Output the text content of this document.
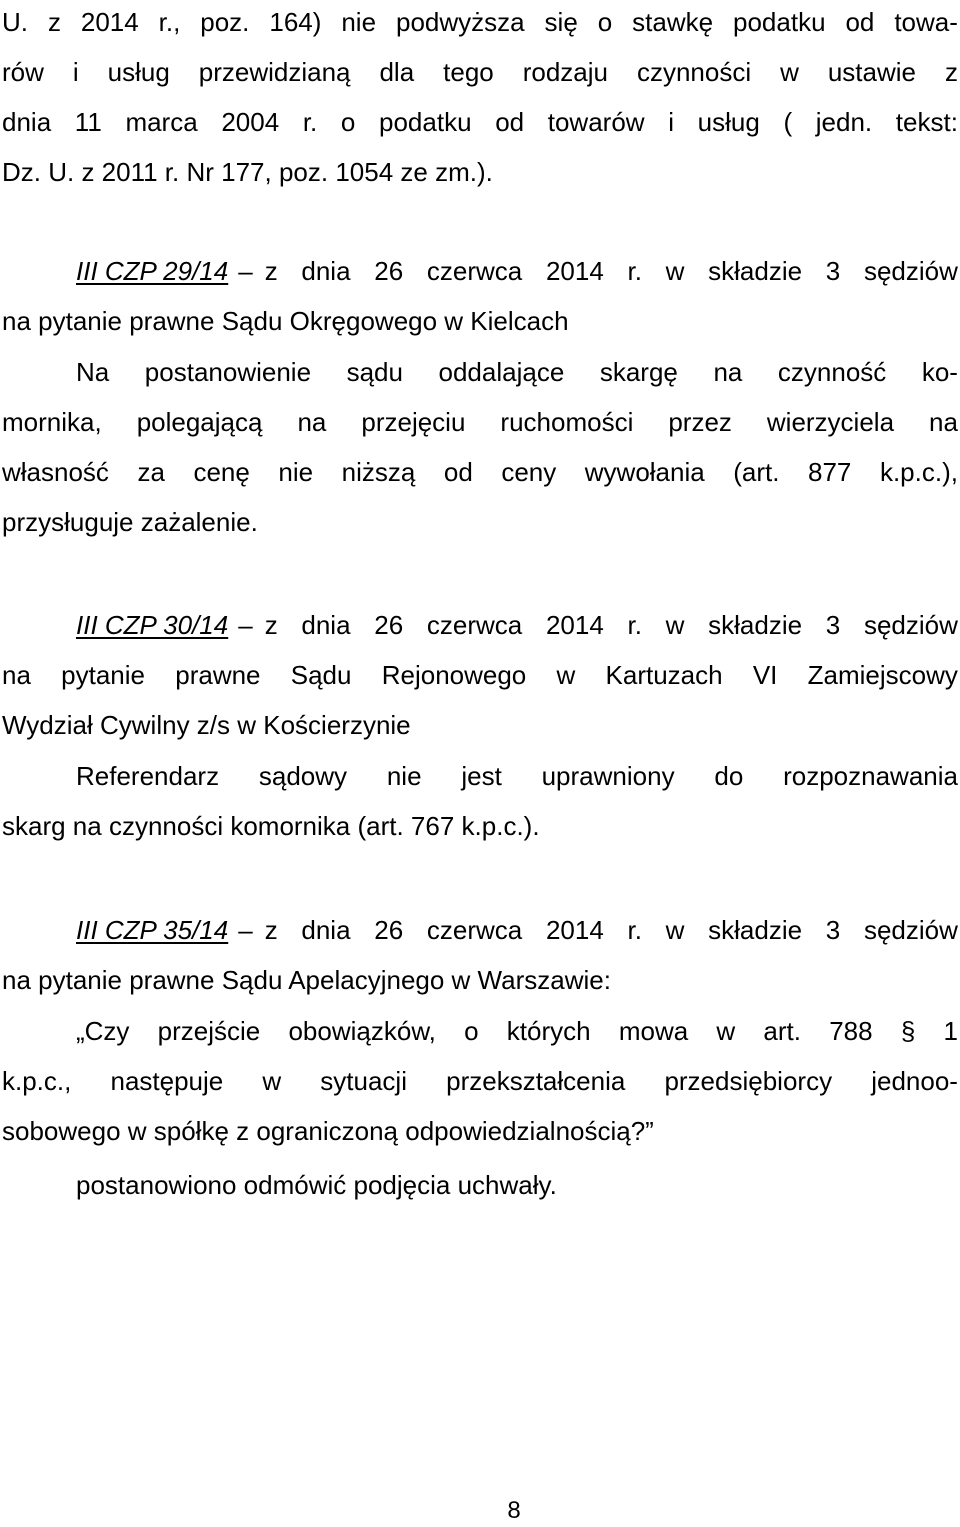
U. z 2014 r., poz. 164) nie podwyższa się o stawkę podatku od towa-
rów i usług przewidzianą dla tego rodzaju czynności w ustawie z
dnia 11 marca 2004 r. o podatku od towarów i usług ( jedn. tekst:
Dz. U. z 2011 r. Nr 177, poz. 1054 ze zm.).
III CZP 29/14 – z dnia 26 czerwca 2014 r. w składzie 3 sędziów
na pytanie prawne Sądu Okręgowego w Kielcach
Na postanowienie sądu oddalające skargę na czynność ko-
mornika, polegającą na przejęciu ruchomości przez wierzyciela na
własność za cenę nie niższą od ceny wywołania (art. 877 k.p.c.),
przysługuje zażalenie.
III CZP 30/14 – z dnia 26 czerwca 2014 r. w składzie 3 sędziów
na pytanie prawne Sądu Rejonowego w Kartuzach VI Zamiejscowy
Wydział Cywilny z/s w Kościerzynie
Referendarz sądowy nie jest uprawniony do rozpoznawania
skarg na czynności komornika (art. 767 k.p.c.).
III CZP 35/14 – z dnia 26 czerwca 2014 r. w składzie 3 sędziów
na pytanie prawne Sądu Apelacyjnego w Warszawie:
„Czy przejście obowiązków, o których mowa w art. 788 § 1
k.p.c., następuje w sytuacji przekształcenia przedsiębiorcy jednoo-
sobowego w spółkę z ograniczoną odpowiedzialnością?”
postanowiono odmówić podjęcia uchwały.
8
